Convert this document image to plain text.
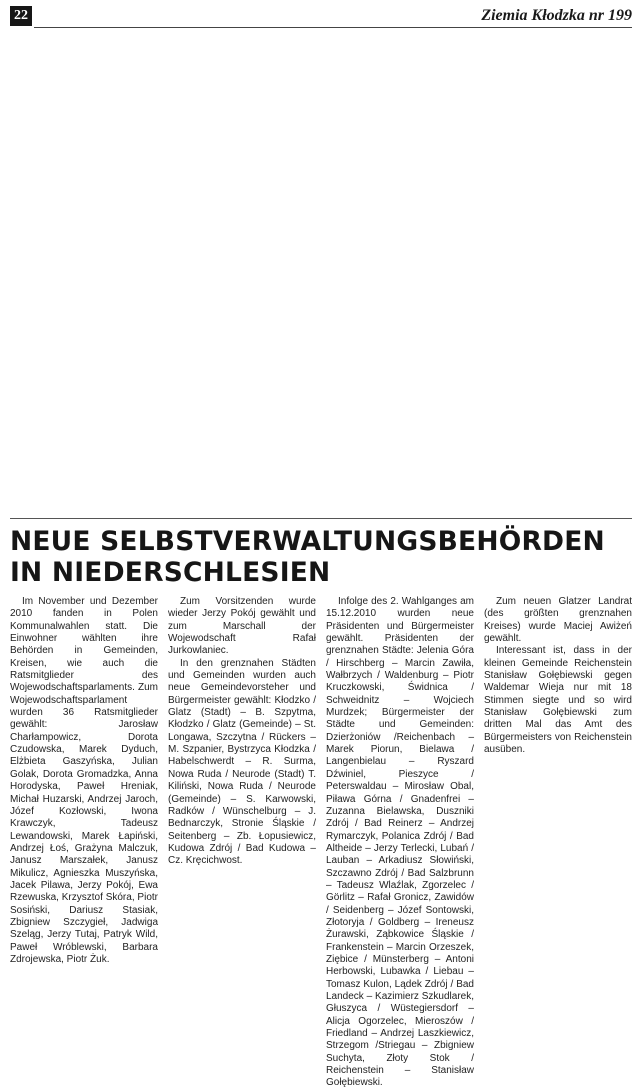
22	Ziemia Kłodzka nr 199
NEUE SELBSTVERWALTUNGSBEHÖRDEN
IN NIEDERSCHLESIEN

Im November und Dezember 2010 fanden in Polen Kommunalwahlen statt. Die Einwohner wählten ihre Behörden in Gemeinden, Kreisen, wie auch die Ratsmitglieder des Wojewodschaftsparlaments. Zum Wojewodschaftsparlament wurden 36 Ratsmitglieder gewählt: Jarosław Charłampowicz, Dorota Czudowska, Marek Dyduch, Elżbieta Gaszyńska, Julian Golak, Dorota Gromadzka, Anna Horodyska, Paweł Hreniak, Michał Huzarski, Andrzej Jaroch, Józef Kozłowski, Iwona Krawczyk, Tadeusz Lewandowski, Marek Łapiński, Andrzej Łoś, Grażyna Malczuk, Janusz Marszałek, Janusz Mikulicz, Agnieszka Muszyńska, Jacek Pilawa, Jerzy Pokój, Ewa Rzewuska, Krzysztof Skóra, Piotr Sosiński, Dariusz Stasiak, Zbigniew Szczygieł, Jadwiga Szeląg, Jerzy Tutaj, Patryk Wild, Paweł Wróblewski, Barbara Zdrojewska, Piotr Żuk.

Zum Vorsitzenden wurde wieder Jerzy Pokój gewählt und zum Marschall der Wojewodschaft Rafał Jurkowlaniec.

In den grenznahen Städten und Gemeinden wurden auch neue Gemeindevorsteher und Bürgermeister gewählt: Kłodzko / Glatz (Stadt) – B. Szpytma, Kłodzko / Glatz (Gemeinde) – St. Longawa, Szczytna / Rückers – M. Szpanier, Bystrzyca Kłodzka / Habelschwerdt – R. Surma, Nowa Ruda / Neurode (Stadt) T. Kiliński, Nowa Ruda / Neurode (Gemeinde) – S. Karwowski, Radków / Wünschelburg – J. Bednarczyk, Stronie Śląskie / Seitenberg – Zb. Łopusiewicz, Kudowa Zdrój / Bad Kudowa – Cz. Kręcichwost.

Infolge des 2. Wahlganges am 15.12.2010 wurden neue Präsidenten und Bürgermeister gewählt. Präsidenten der grenznahen Städte: Jelenia Góra / Hirschberg – Marcin Zawiła, Wałbrzych / Waldenburg – Piotr Kruczkowski, Świdnica / Schweidnitz – Wojciech Murdzek; Bürgermeister der Städte und Gemeinden: Dzierżoniów /Reichenbach – Marek Piorun, Bielawa / Langenbielau – Ryszard Dźwiniel, Pieszyce / Peterswaldau – Mirosław Obal, Piława Górna / Gnadenfrei – Zuzanna Bielawska, Duszniki Zdrój / Bad Reinerz – Andrzej Rymarczyk, Polanica Zdrój / Bad Altheide – Jerzy Terlecki, Lubań / Lauban – Arkadiusz Słowiński, Szczawno Zdrój / Bad Salzbrunn – Tadeusz Wlaźlak, Zgorzelec / Görlitz – Rafał Gronicz, Zawidów / Seidenberg – Józef Sontowski, Złotoryja / Goldberg – Ireneusz Żurawski, Ząbkowice Śląskie / Frankenstein – Marcin Orzeszek, Ziębice / Münsterberg – Antoni Herbowski, Lubawka / Liebau – Tomasz Kulon, Lądek Zdrój / Bad Landeck – Kazimierz Szkudlarek, Głuszyca / Wüstegiersdorf – Alicja Ogorzelec, Mieroszów / Friedland – Andrzej Laszkiewicz, Strzegom /Striegau – Zbigniew Suchyta, Złoty Stok / Reichenstein – Stanisław Gołębiewski.

Zum neuen Glatzer Landrat (des größten grenznahen Kreises) wurde Maciej Awiżeń gewählt.

Interessant ist, dass in der kleinen Gemeinde Reichenstein Stanisław Gołębiewski gegen Waldemar Wieja nur mit 18 Stimmen siegte und so wird Stanisław Gołębiewski zum dritten Mal das Amt des Bürgermeisters von Reichenstein ausüben.
